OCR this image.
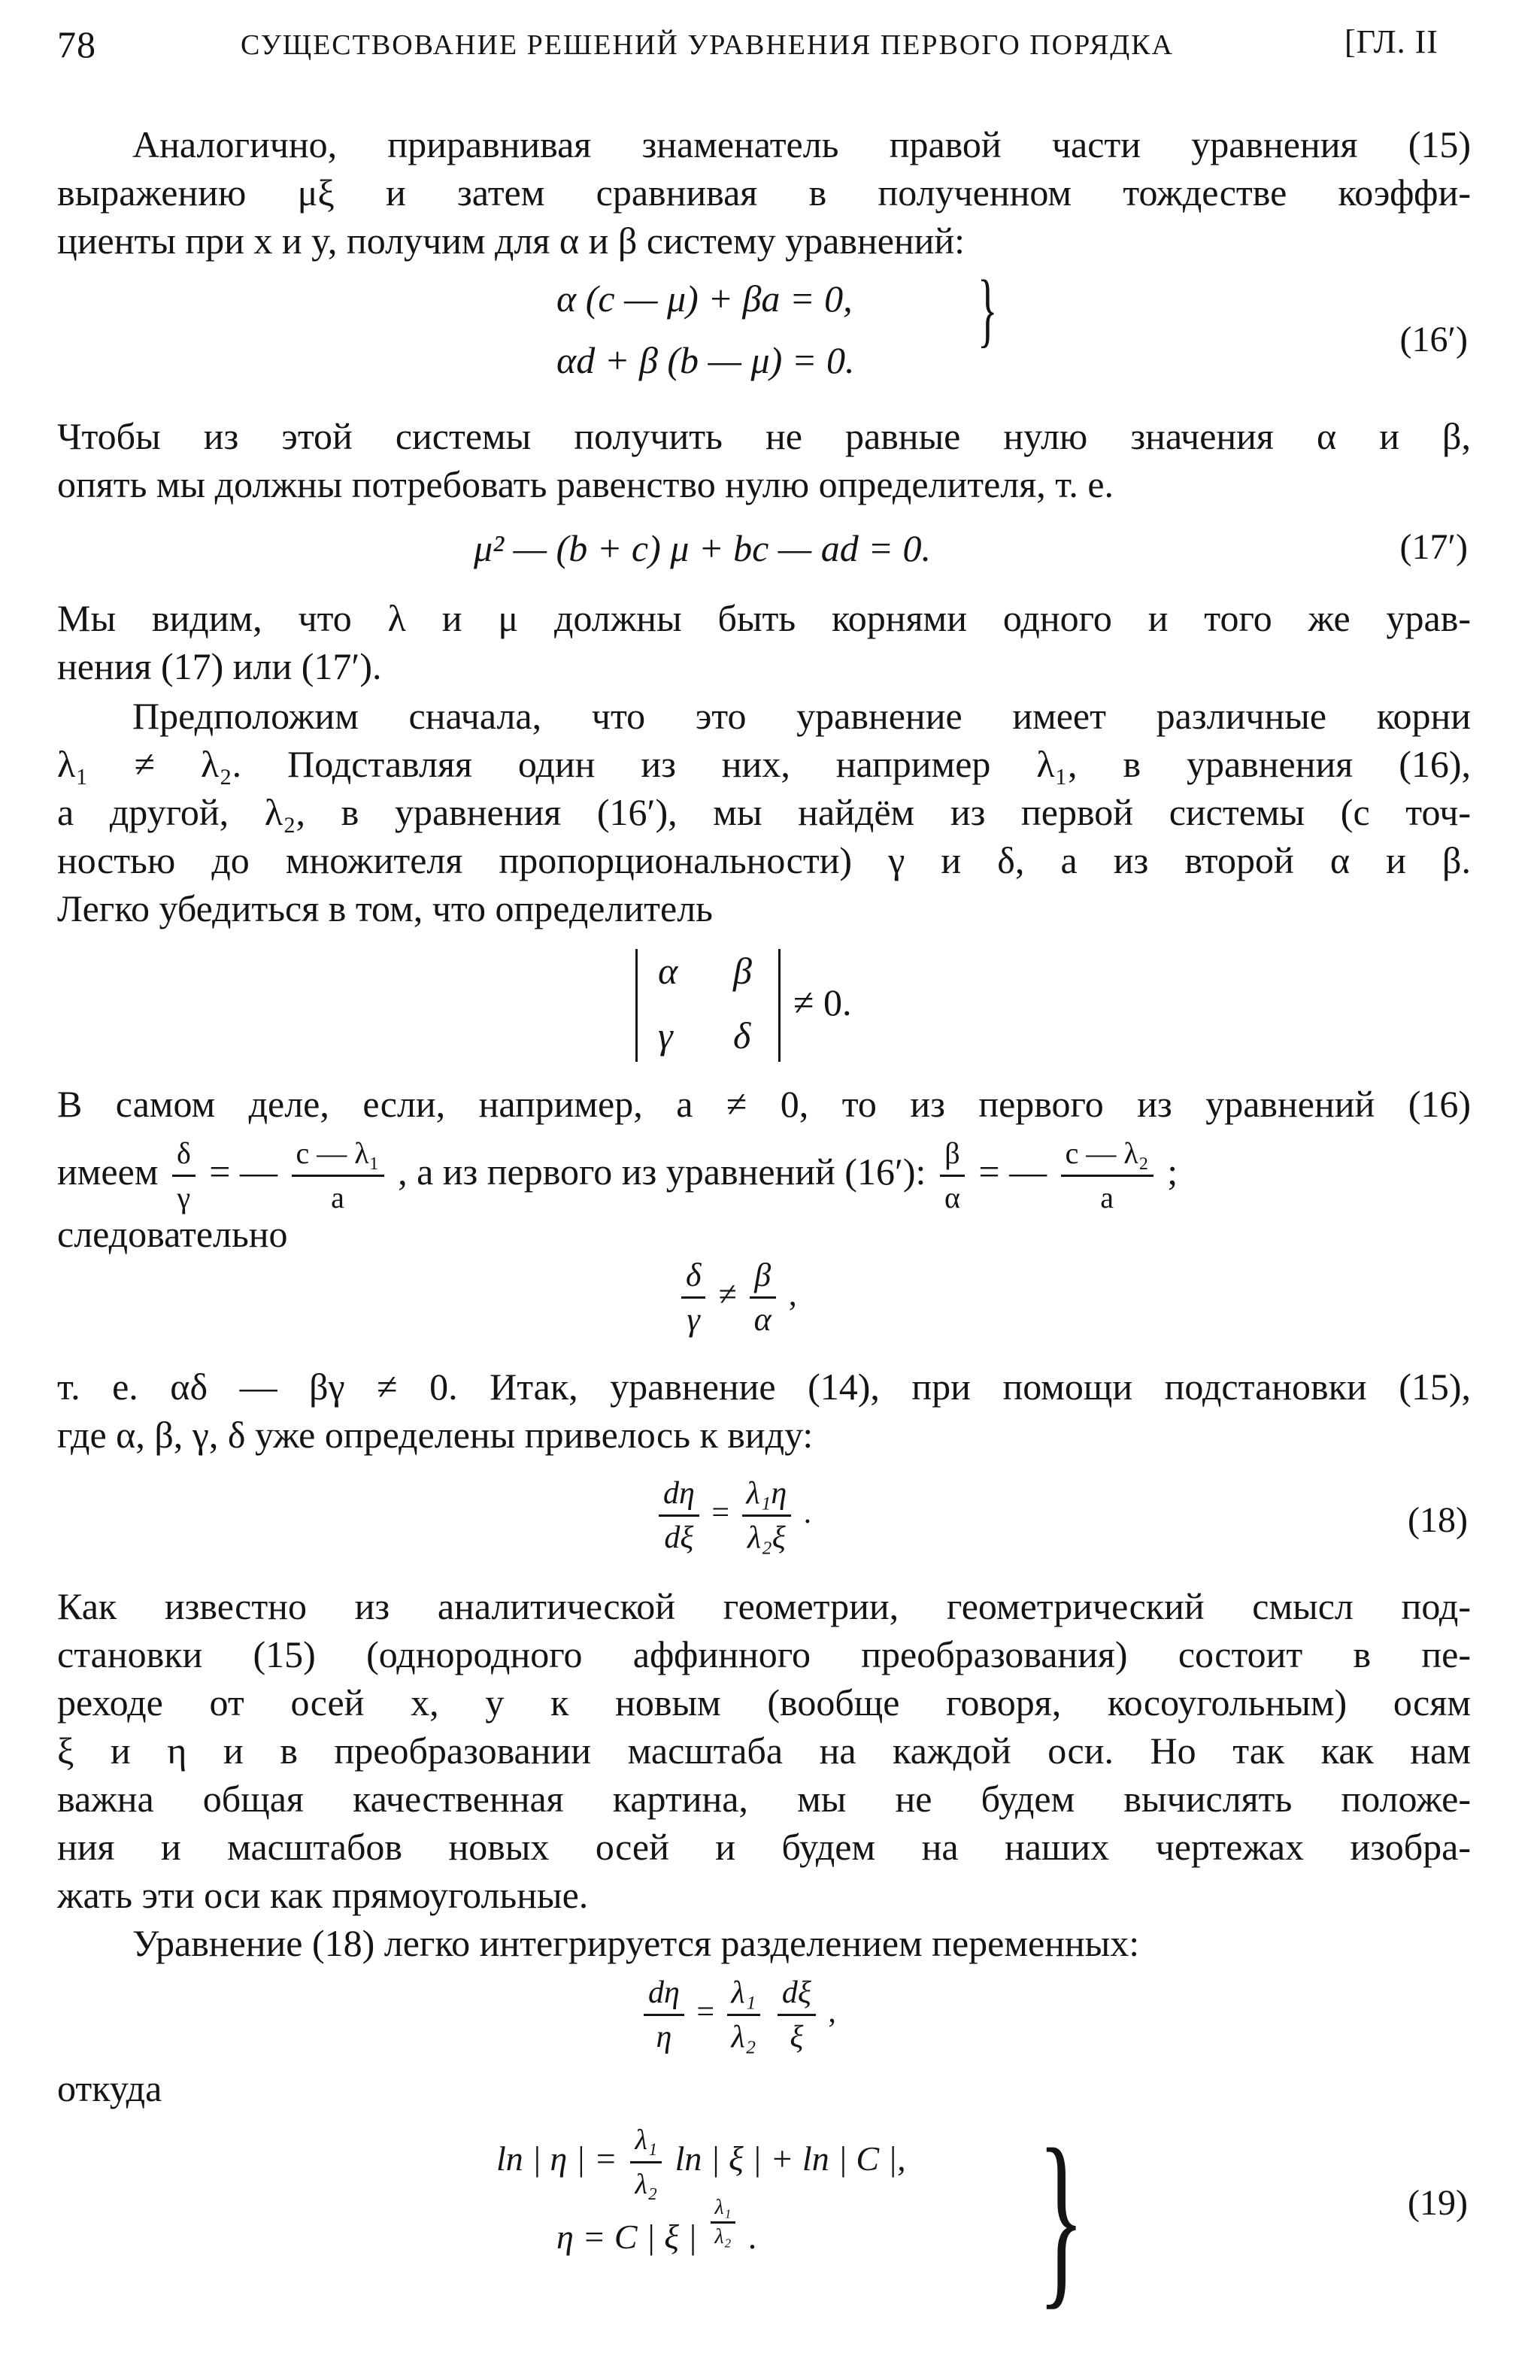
78	СУЩЕСТВОВАНИЕ РЕШЕНИЙ УРАВНЕНИЯ ПЕРВОГО ПОРЯДКА	[ГЛ. II
Аналогично, приравнивая знаменатель правой части уравнения (15)
выражению μξ и затем сравнивая в полученном тождестве коэффи-
циенты при x и y, получим для α и β систему уравнений:
α (c — μ) + βa = 0,
αd + β (b — μ) = 0.
}	(16′)
Чтобы из этой системы получить не равные нулю значения α и β,
опять мы должны потребовать равенство нулю определителя, т. е.
μ² — (b + c) μ + bc — ad = 0.	(17′)
Мы видим, что λ и μ должны быть корнями одного и того же урав-
нения (17) или (17′).
Предположим сначала, что это уравнение имеет различные корни
λ₁ ≠ λ₂. Подставляя один из них, например λ₁, в уравнения (16),
а другой, λ₂, в уравнения (16′), мы найдём из первой системы (с точ-
ностью до множителя пропорциональности) γ и δ, а из второй α и β.
Легко убедиться в том, что определитель
α β
γ δ
≠ 0.
В самом деле, если, например, a ≠ 0, то из первого из уравнений (16)
имеем $\frac{\delta}{\gamma}$ = — $\frac{\text{c — λ₁}}{a}$ , а из первого из уравнений (16′): $\frac{\beta}{\alpha}$ = — $\frac{\text{c — λ₂}}{a}$ ;
следовательно
$\frac{\delta}{\gamma} \ne \frac{\beta}{\alpha}$ ,
т. е. αδ — βγ ≠ 0. Итак, уравнение (14), при помощи подстановки (15),
где α, β, γ, δ уже определены привелось к виду:
$\frac{d\eta}{d\xi} = \frac{\text{λ₁η}}{\text{λ₂ξ}}$ .	(18)
Как известно из аналитической геометрии, геометрический смысл под-
становки (15) (однородного аффинного преобразования) состоит в пе-
реходе от осей x, y к новым (вообще говоря, косоугольным) осям
ξ и η и в преобразовании масштаба на каждой оси. Но так как нам
важна общая качественная картина, мы не будем вычислять положе-
ния и масштабов новых осей и будем на наших чертежах изобра-
жать эти оси как прямоугольные.
Уравнение (18) легко интегрируется разделением переменных:
$\frac{d\eta}{\eta} = \frac{\text{λ₁}}{\text{λ₂}}$
$\frac{d\xi}{\xi}$ ,
откуда
ln | η | = $\frac{\text{λ₁}}{\text{λ₂}}$ ln | ξ | + ln | C |,
η = C | ξ | $\frac{\text{λ₁}}{\text{λ₂}}$ . }	(19)
